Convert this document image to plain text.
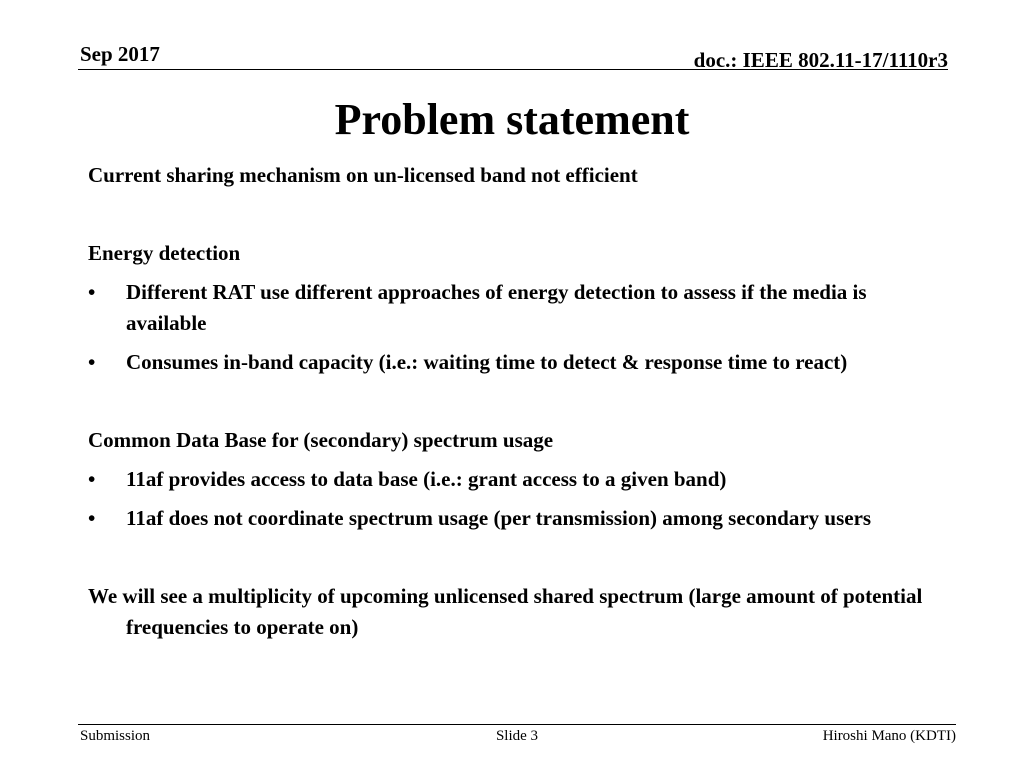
Sep 2017	doc.: IEEE 802.11-17/1110r3
Problem statement

Current sharing mechanism on un-licensed band not efficient

Energy detection

•	Different RAT use different approaches of energy detection to assess if the media is available
•	Consumes in-band capacity (i.e.: waiting time to detect & response time to react)

Common Data Base for (secondary) spectrum usage

•	11af provides access to data base (i.e.: grant access to a given band)
•	11af does not coordinate spectrum usage (per transmission) among secondary users

We will see a multiplicity of upcoming unlicensed shared spectrum (large amount of potential frequencies to operate on)

Submission	Slide 3	Hiroshi Mano (KDTI)
